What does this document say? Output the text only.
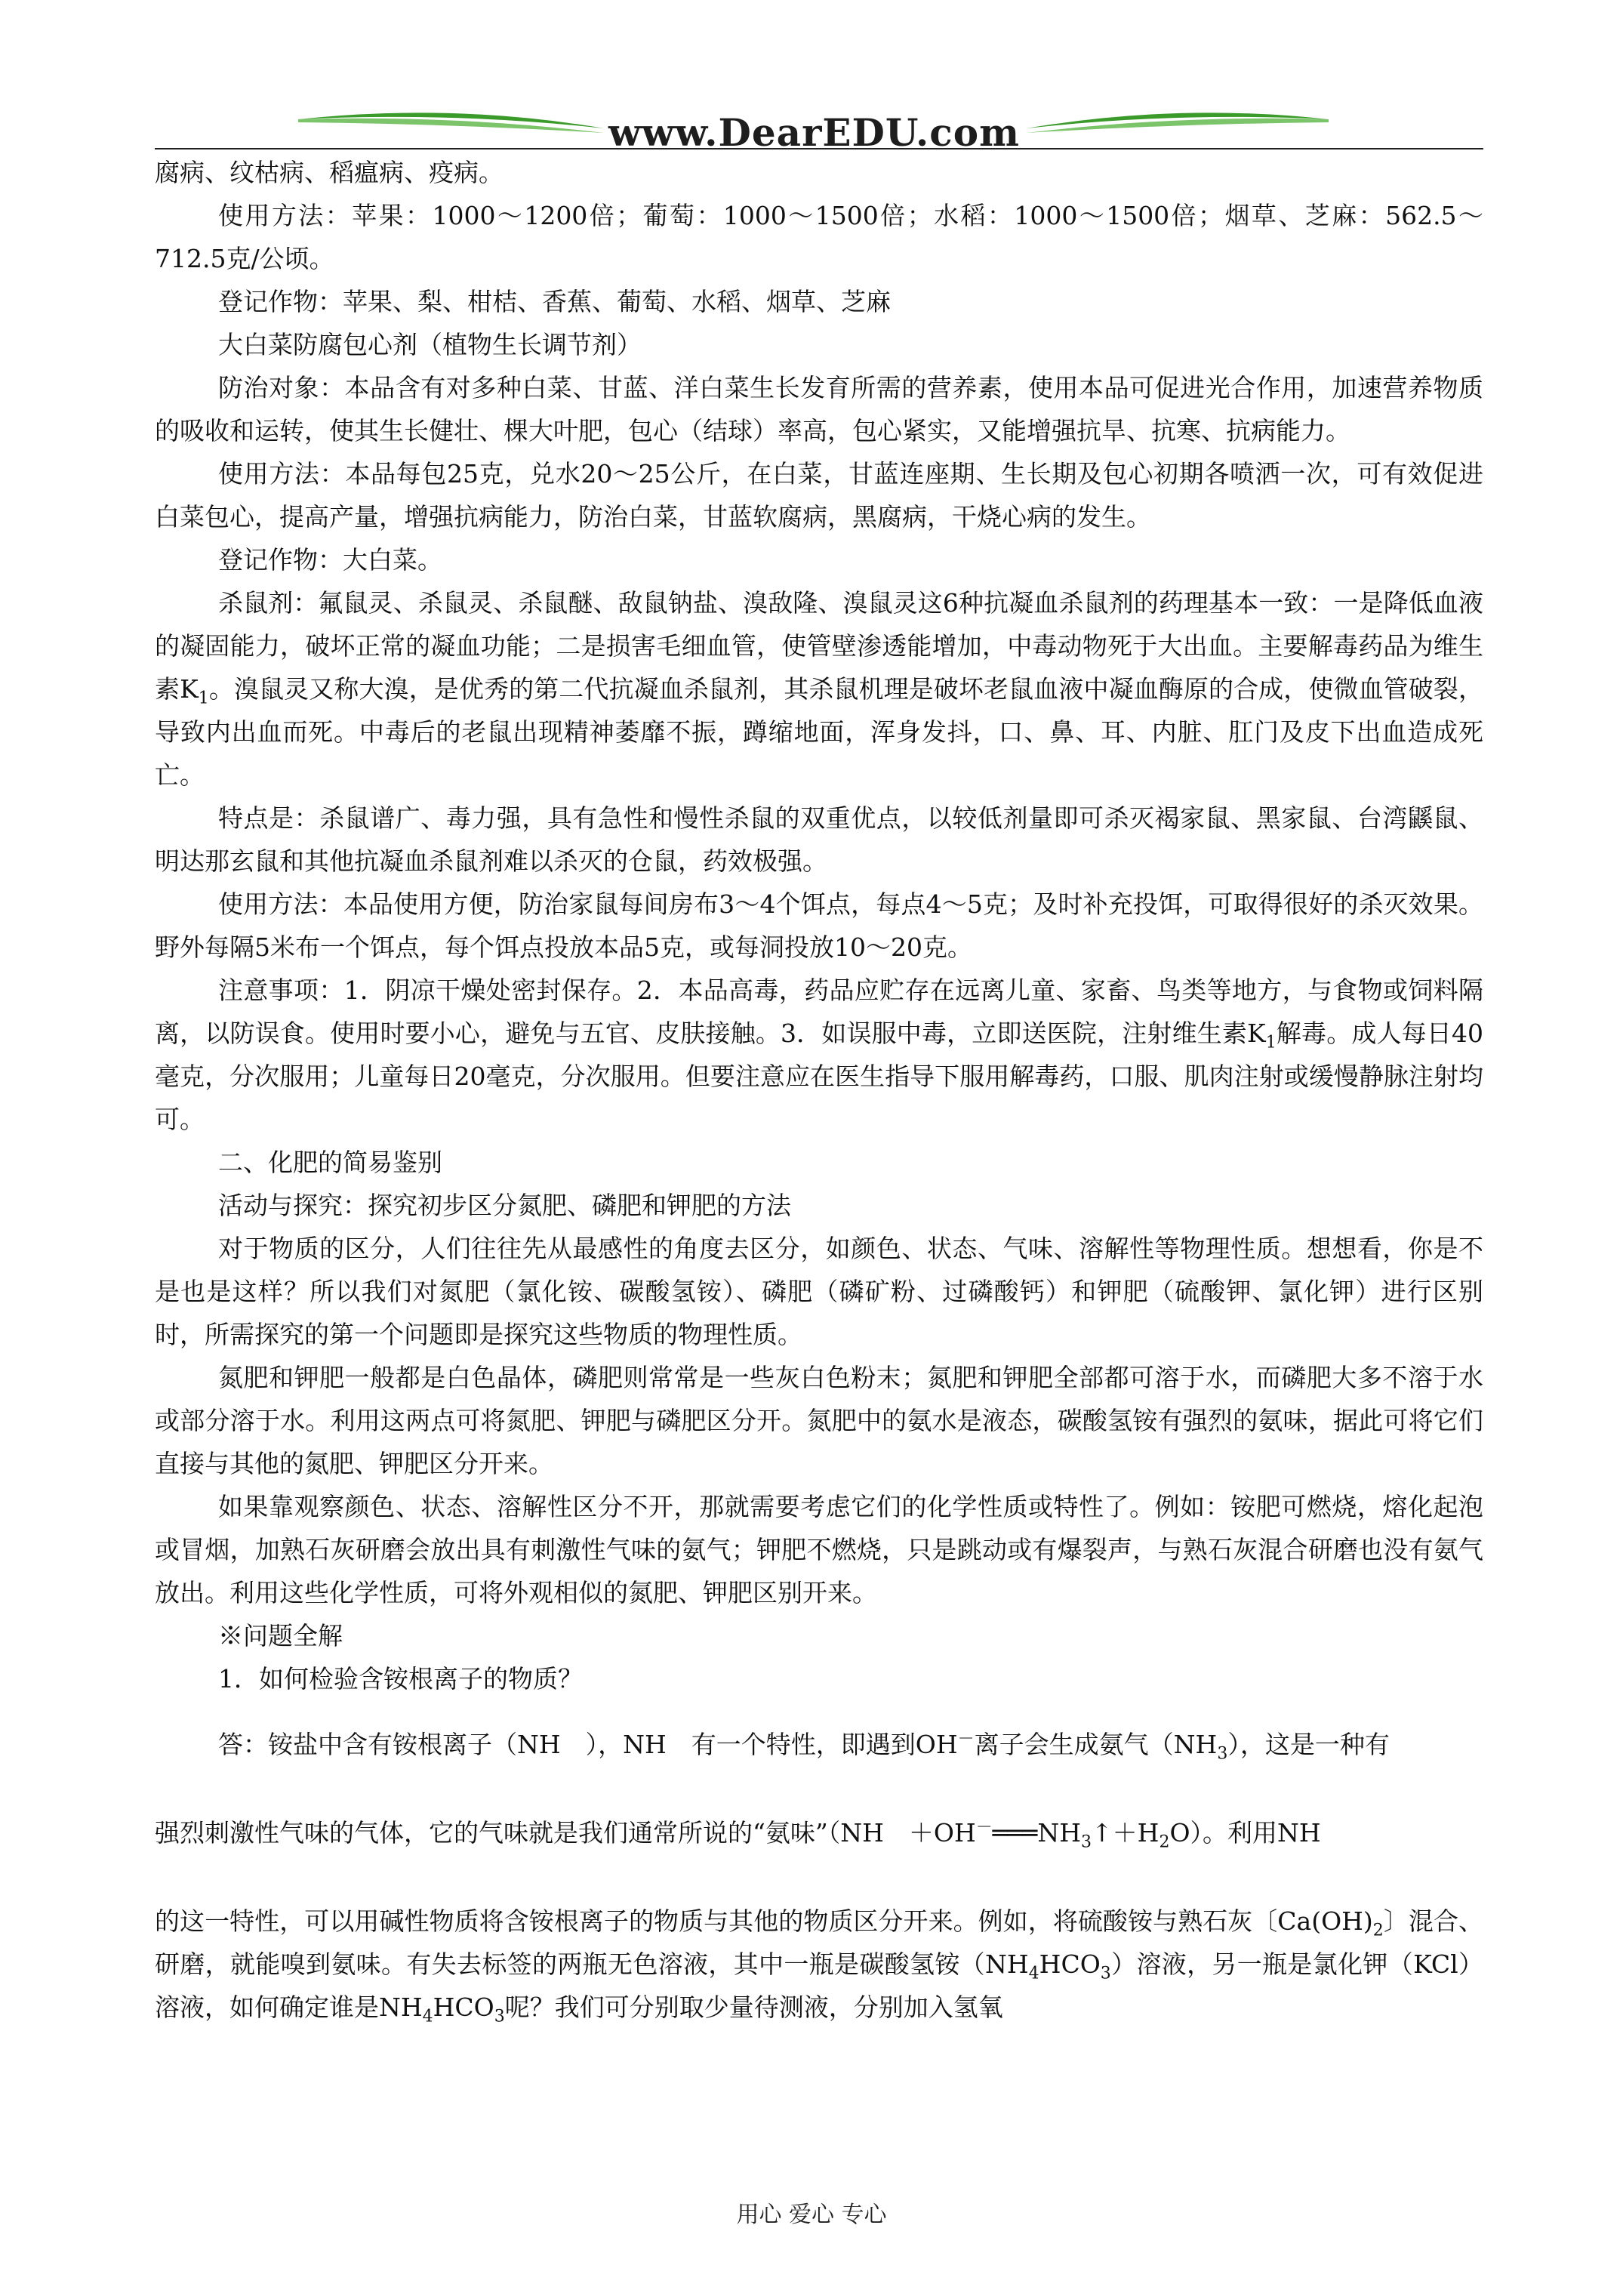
www.DearEDU.com

腐病、纹枯病、稻瘟病、疫病。

使用方法：苹果：1000～1200倍；葡萄：1000～1500倍；水稻：1000～1500倍；烟草、芝麻：562.5～712.5克/公顷。

登记作物：苹果、梨、柑桔、香蕉、葡萄、水稻、烟草、芝麻

大白菜防腐包心剂（植物生长调节剂）

防治对象：本品含有对多种白菜、甘蓝、洋白菜生长发育所需的营养素，使用本品可促进光合作用，加速营养物质的吸收和运转，使其生长健壮、棵大叶肥，包心（结球）率高，包心紧实，又能增强抗旱、抗寒、抗病能力。

使用方法：本品每包25克，兑水20～25公斤，在白菜，甘蓝连座期、生长期及包心初期各喷洒一次，可有效促进白菜包心，提高产量，增强抗病能力，防治白菜，甘蓝软腐病，黑腐病，干烧心病的发生。

登记作物：大白菜。

杀鼠剂：氟鼠灵、杀鼠灵、杀鼠醚、敌鼠钠盐、溴敌隆、溴鼠灵这6种抗凝血杀鼠剂的药理基本一致：一是降低血液的凝固能力，破坏正常的凝血功能；二是损害毛细血管，使管壁渗透能增加，中毒动物死于大出血。主要解毒药品为维生素$K_1$。溴鼠灵又称大溴，是优秀的第二代抗凝血杀鼠剂，其杀鼠机理是破坏老鼠血液中凝血酶原的合成，使微血管破裂，导致内出血而死。中毒后的老鼠出现精神萎靡不振，蹲缩地面，浑身发抖，口、鼻、耳、内脏、肛门及皮下出血造成死亡。

特点是：杀鼠谱广、毒力强，具有急性和慢性杀鼠的双重优点，以较低剂量即可杀灭褐家鼠、黑家鼠、台湾鼷鼠、明达那玄鼠和其他抗凝血杀鼠剂难以杀灭的仓鼠，药效极强。

使用方法：本品使用方便，防治家鼠每间房布3～4个饵点，每点4～5克；及时补充投饵，可取得很好的杀灭效果。野外每隔5米布一个饵点，每个饵点投放本品5克，或每洞投放10～20克。

注意事项：1．阴凉干燥处密封保存。2．本品高毒，药品应贮存在远离儿童、家畜、鸟类等地方，与食物或饲料隔离，以防误食。使用时要小心，避免与五官、皮肤接触。3．如误服中毒，立即送医院，注射维生素$K_1$解毒。成人每日40毫克，分次服用；儿童每日20毫克，分次服用。但要注意应在医生指导下服用解毒药，口服、肌肉注射或缓慢静脉注射均可。

二、化肥的简易鉴别

活动与探究：探究初步区分氮肥、磷肥和钾肥的方法

对于物质的区分，人们往往先从最感性的角度去区分，如颜色、状态、气味、溶解性等物理性质。想想看，你是不是也是这样？所以我们对氮肥（氯化铵、碳酸氢铵）、磷肥（磷矿粉、过磷酸钙）和钾肥（硫酸钾、氯化钾）进行区别时，所需探究的第一个问题即是探究这些物质的物理性质。

氮肥和钾肥一般都是白色晶体，磷肥则常常是一些灰白色粉末；氮肥和钾肥全部都可溶于水，而磷肥大多不溶于水或部分溶于水。利用这两点可将氮肥、钾肥与磷肥区分开。氮肥中的氨水是液态，碳酸氢铵有强烈的氨味，据此可将它们直接与其他的氮肥、钾肥区分开来。

如果靠观察颜色、状态、溶解性区分不开，那就需要考虑它们的化学性质或特性了。例如：铵肥可燃烧，熔化起泡或冒烟，加熟石灰研磨会放出具有刺激性气味的氨气；钾肥不燃烧，只是跳动或有爆裂声，与熟石灰混合研磨也没有氨气放出。利用这些化学性质，可将外观相似的氮肥、钾肥区别开来。

※问题全解

1．如何检验含铵根离子的物质？

答：铵盐中含有铵根离子（NH　），NH　有一个特性，即遇到OH－离子会生成氨气$(NH_3)$，这是一种有

强烈刺激性气味的气体，它的气味就是我们通常所说的“氨味”（NH　$+OH^-═══NH_3↑+H_2O$）。利用NH

的这一特性，可以用碱性物质将含铵根离子的物质与其他的物质区分开来。例如，将硫酸铵与熟石灰〔$Ca(OH)_2$〕混合、研磨，就能嗅到氨味。有失去标签的两瓶无色溶液，其中一瓶是碳酸氢铵$(NH_4HCO_3)$溶液，另一瓶是氯化钾（KCl）溶液，如何确定谁是$NH_4HCO_3$呢？我们可分别取少量待测液，分别加入氢氧

用心 爱心 专心
